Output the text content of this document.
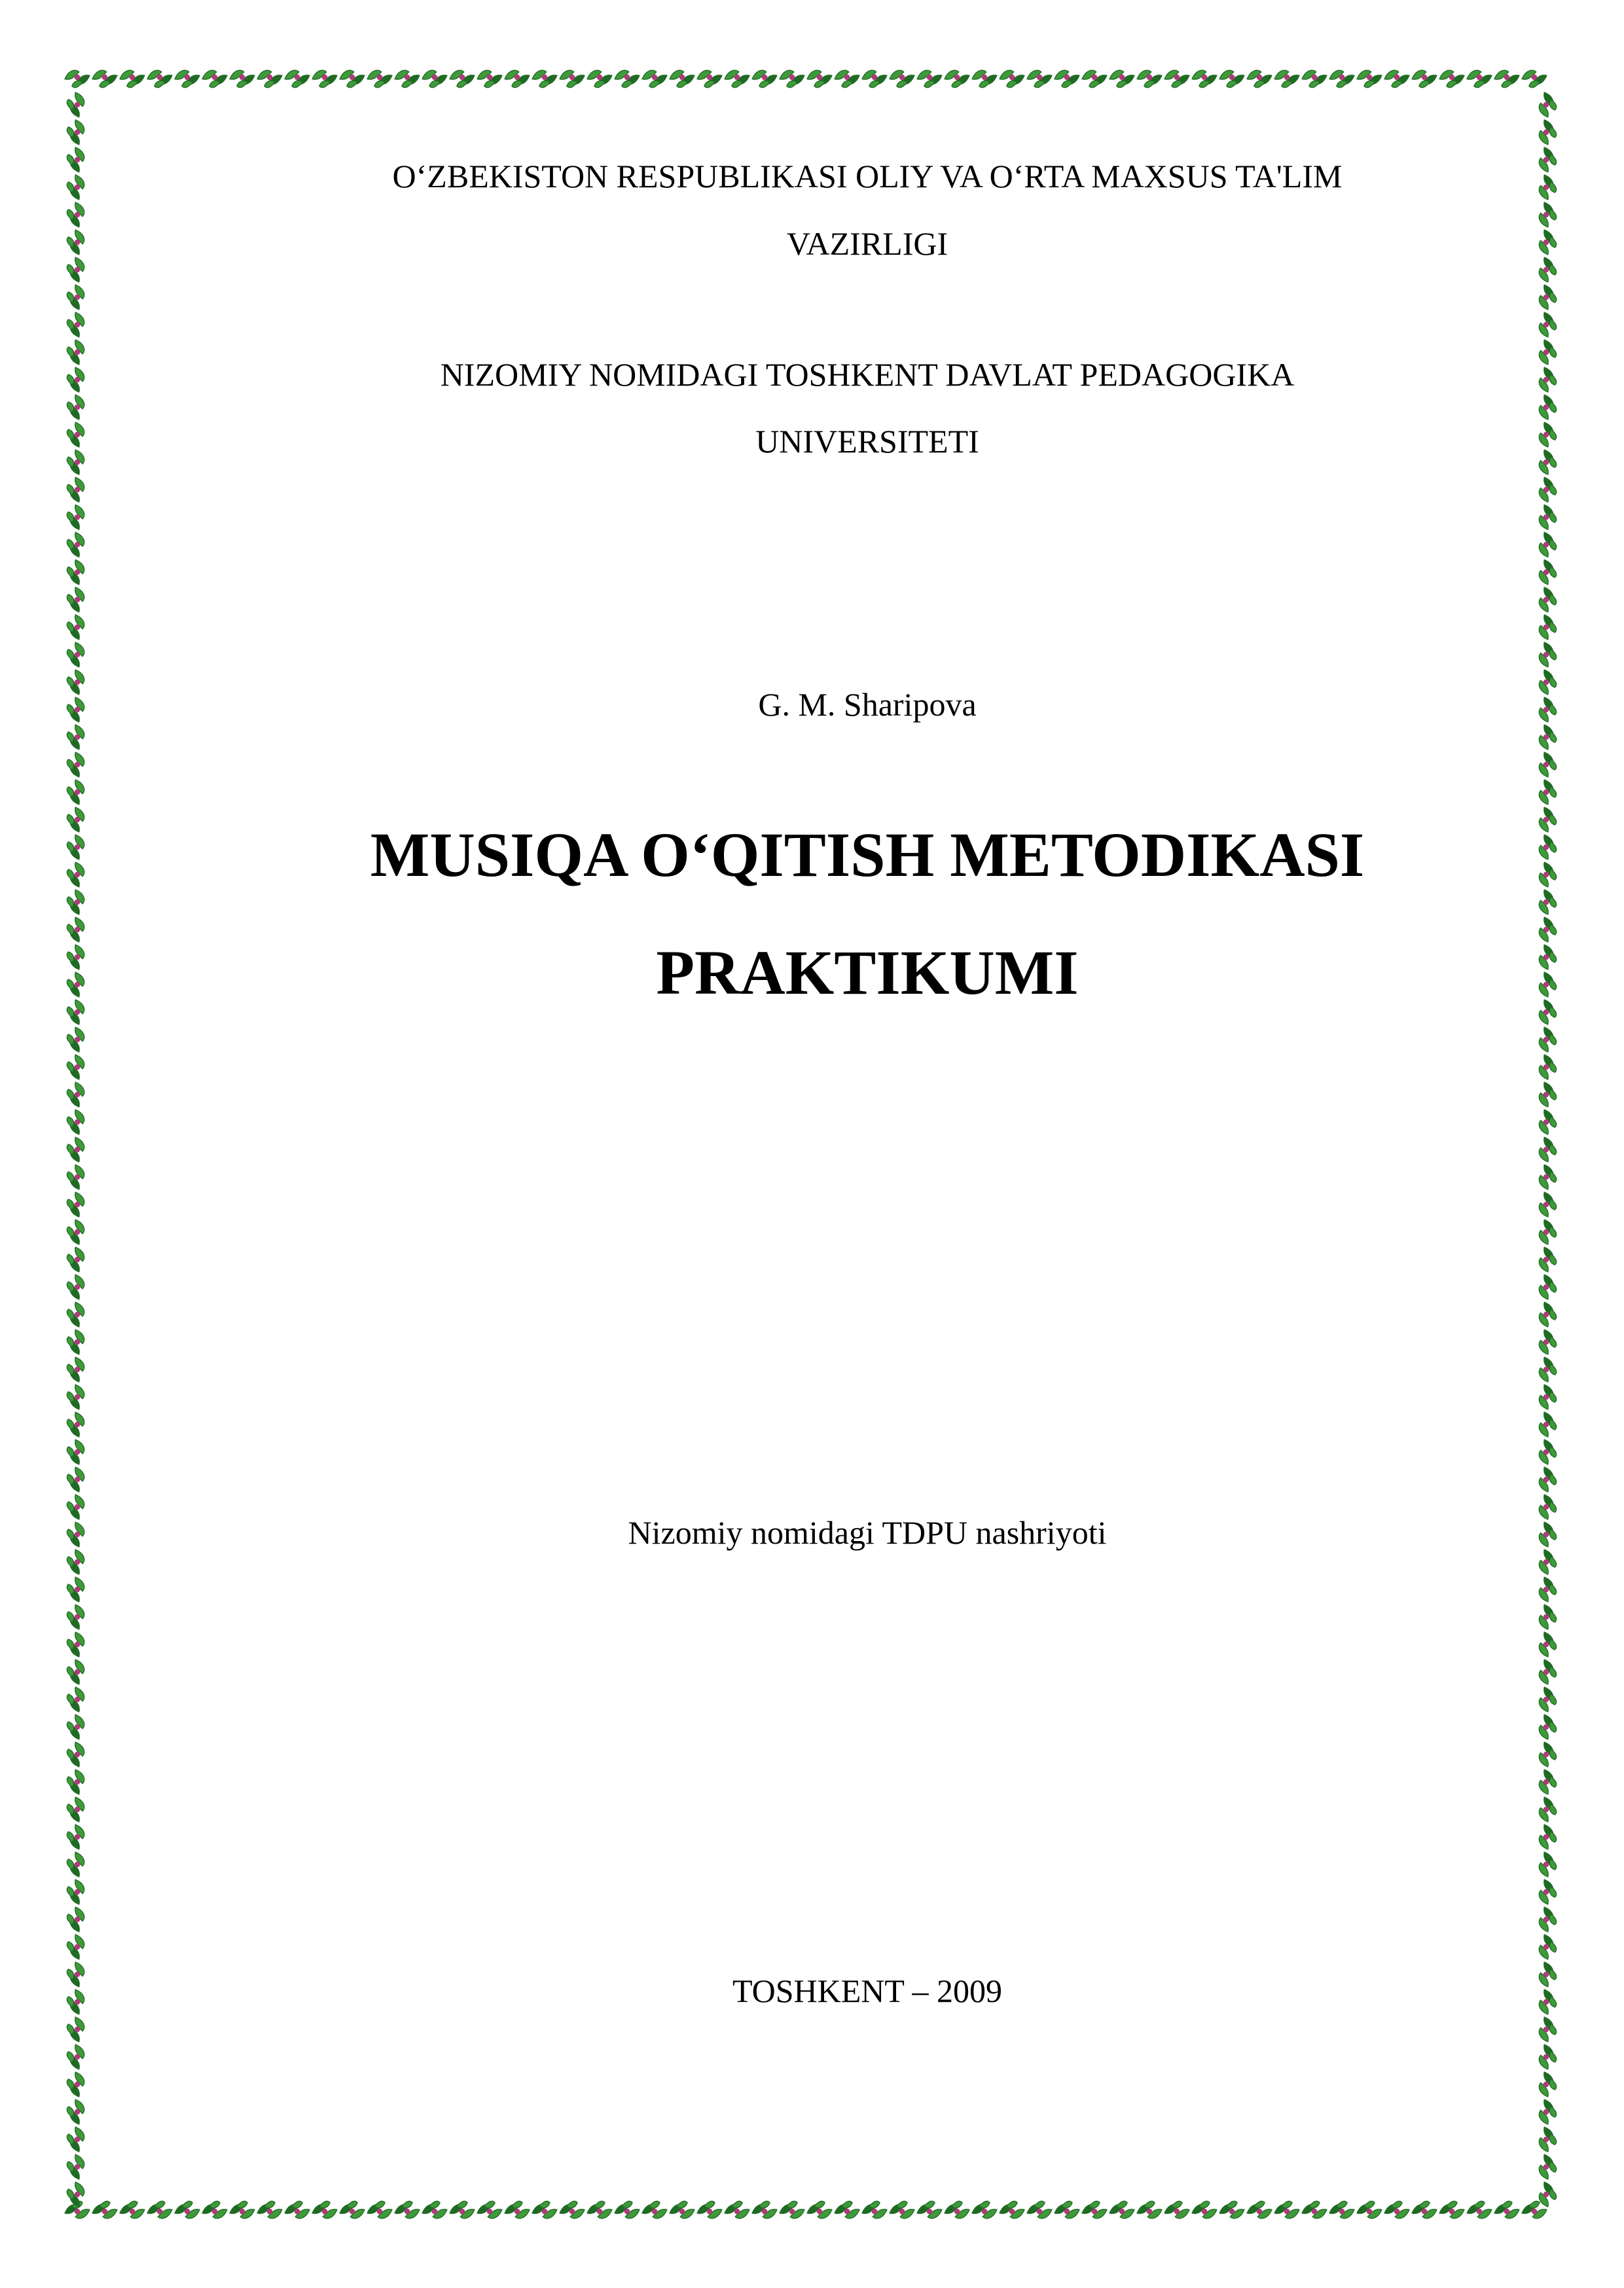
O‘ZBEKISTON RESPUBLIKASI OLIY VA O‘RTA MAXSUS TA'LIM
VAZIRLIGI
NIZOMIY NOMIDAGI TOSHKENT DAVLAT PEDAGOGIKA
UNIVERSITETI
G. M. Sharipova
MUSIQA O‘QITISH METODIKASI
PRAKTIKUMI
Nizomiy nomidagi TDPU nashriyoti
TOSHKENT – 2009
